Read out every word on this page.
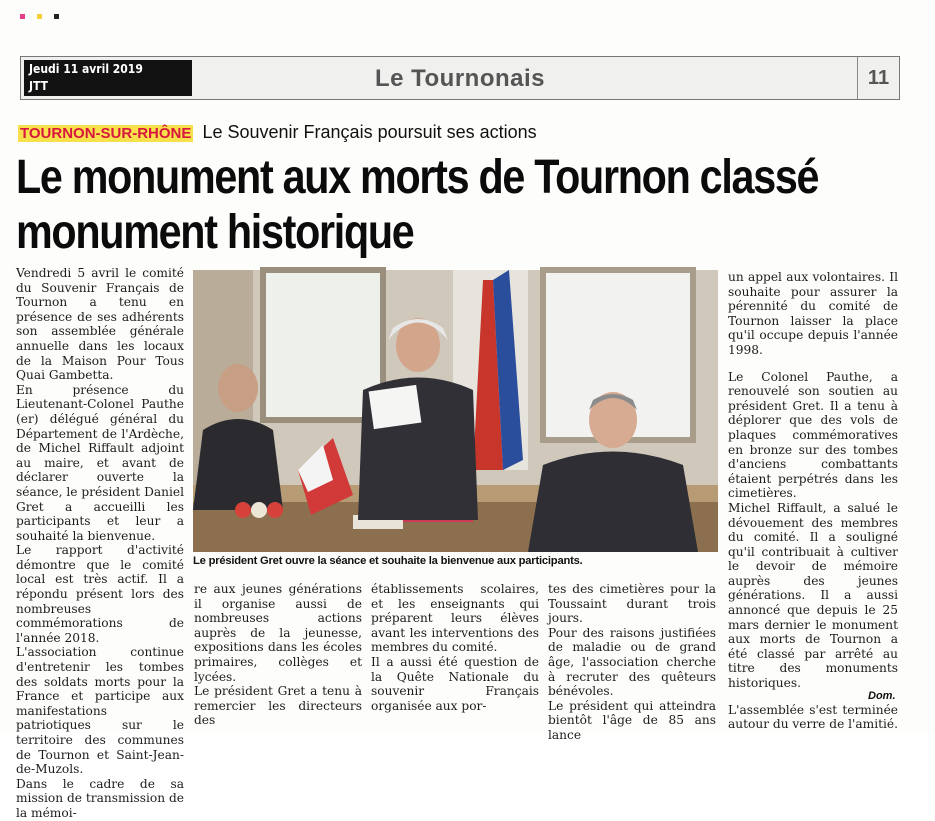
Jeudi 11 avril 2019
JTT	Le Tournonais	11
TOURNON-SUR-RHÔNE Le Souvenir Français poursuit ses actions
Le monument aux morts de Tournon classé
monument historique

Vendredi 5 avril le comité du Souvenir Français de Tournon a tenu en présence de ses adhérents son assemblée générale annuelle dans les locaux de la Maison Pour Tous Quai Gambetta.

En présence du Lieutenant-Colonel Pauthe (er) délégué général du Département de l'Ardèche, de Michel Riffault adjoint au maire, et avant de déclarer ouverte la séance, le président Daniel Gret a accueilli les participants et leur a souhaité la bienvenue.

Le rapport d'activité démontre que le comité local est très actif. Il a répondu présent lors des nombreuses commémorations de l'année 2018.

L'association continue d'entretenir les tombes des soldats morts pour la France et participe aux manifestations patriotiques sur le territoire des communes de Tournon et Saint-Jean-de-Muzols.

Dans le cadre de sa mission de transmission de la mémoi-

Le président Gret ouvre la séance et souhaite la bienvenue aux participants.

un appel aux volontaires. Il souhaite pour assurer la pérennité du comité de Tournon laisser la place qu'il occupe depuis l'année 1998.

Le Colonel Pauthe, a renouvelé son soutien au président Gret. Il a tenu à déplorer que des vols de plaques commémoratives en bronze sur des tombes d'anciens combattants étaient perpétrés dans les cimetières.

Michel Riffault, a salué le dévouement des membres du comité. Il a souligné qu'il contribuait à cultiver le devoir de mémoire auprès des jeunes générations. Il a aussi annoncé que depuis le 25 mars dernier le monument aux morts de Tournon a été classé par arrêté au titre des monuments historiques.

L'assemblée s'est terminée autour du verre de l'amitié.

re aux jeunes générations il organise aussi de nombreuses actions auprès de la jeunesse, expositions dans les écoles primaires, collèges et lycées.

Le président Gret a tenu à remercier les directeurs des

établissements scolaires, et les enseignants qui préparent leurs élèves avant les interventions des membres du comité.

Il a aussi été question de la Quête Nationale du souvenir Français organisée aux por-

tes des cimetières pour la Toussaint durant trois jours.

Pour des raisons justifiées de maladie ou de grand âge, l'association cherche à recruter des quêteurs bénévoles.

Le président qui atteindra bientôt l'âge de 85 ans lance

Dom.
